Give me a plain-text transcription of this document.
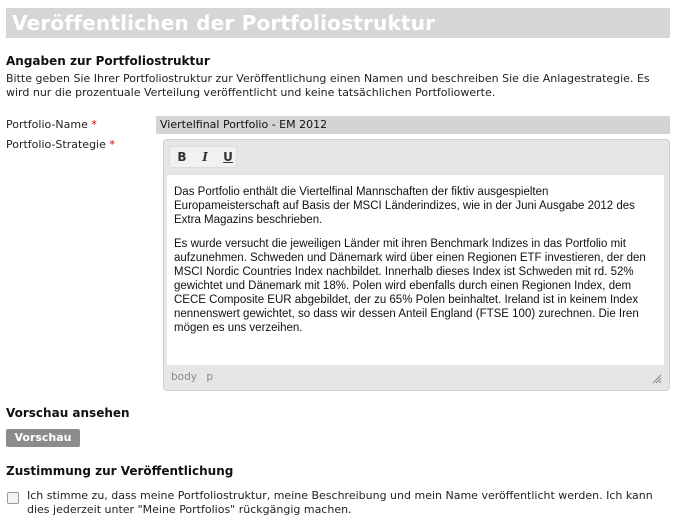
Veröffentlichen der Portfoliostruktur
Angaben zur Portfoliostruktur
Bitte geben Sie Ihrer Portfoliostruktur zur Veröffentlichung einen Namen und beschreiben Sie die Anlagestrategie. Es wird nur die prozentuale Verteilung veröffentlicht und keine tatsächlichen Portfoliowerte.
Portfolio-Name *
Viertelfinal Portfolio - EM 2012
Portfolio-Strategie *
B	I	U

Das Portfolio enthält die Viertelfinal Mannschaften der fiktiv ausgespielten Europameisterschaft auf Basis der MSCI Länderindizes, wie in der Juni Ausgabe 2012 des Extra Magazins beschrieben.

Es wurde versucht die jeweiligen Länder mit ihren Benchmark Indizes in das Portfolio mit aufzunehmen. Schweden und Dänemark wird über einen Regionen ETF investieren, der den MSCI Nordic Countries Index nachbildet. Innerhalb dieses Index ist Schweden mit rd. 52% gewichtet und Dänemark mit 18%. Polen wird ebenfalls durch einen Regionen Index, dem CECE Composite EUR abgebildet, der zu 65% Polen beinhaltet. Ireland ist in keinem Index nennenswert gewichtet, so dass wir dessen Anteil England (FTSE 100) zurechnen. Die Iren mögen es uns verzeihen.

body p
Vorschau ansehen
Vorschau
Zustimmung zur Veröffentlichung
Ich stimme zu, dass meine Portfoliostruktur, meine Beschreibung und mein Name veröffentlicht werden. Ich kann dies jederzeit unter "Meine Portfolios" rückgängig machen.
